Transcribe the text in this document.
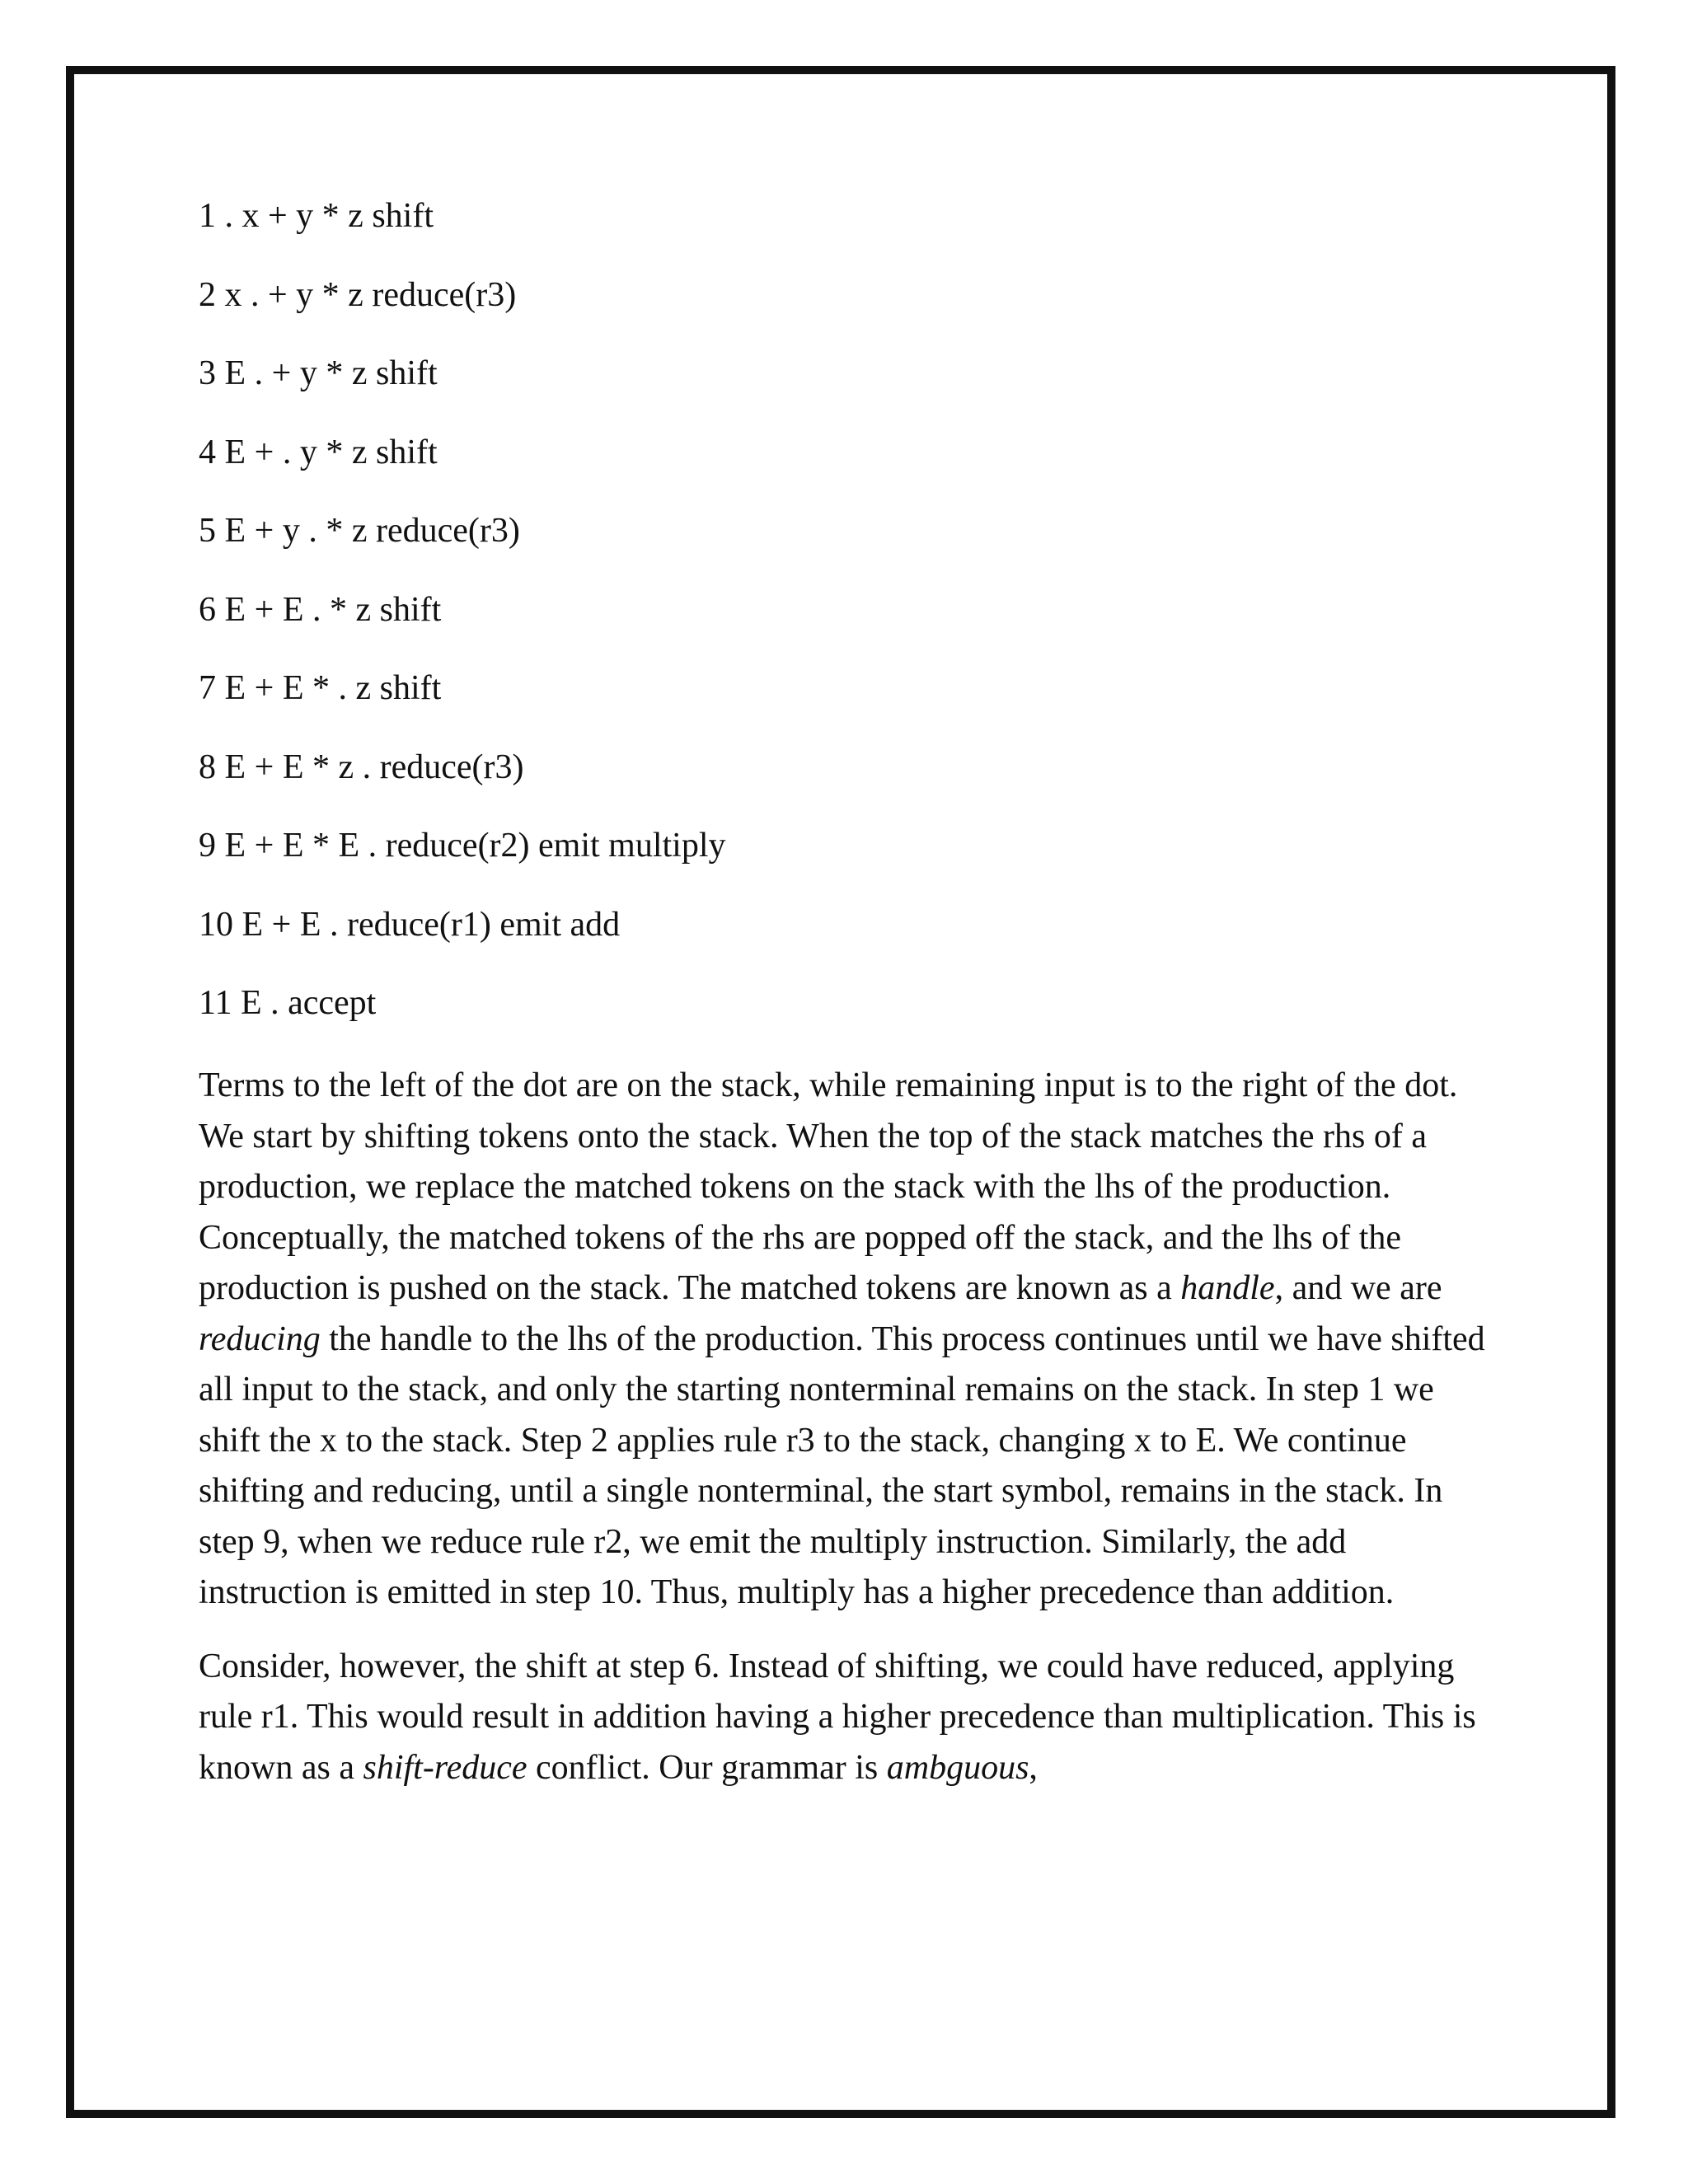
1 . x + y * z shift
2 x . + y * z reduce(r3)
3 E . + y * z shift
4 E + . y * z shift
5 E + y . * z reduce(r3)
6 E + E . * z shift
7 E + E * . z shift
8 E + E * z . reduce(r3)
9 E + E * E . reduce(r2) emit multiply
10 E + E . reduce(r1) emit add
11 E . accept

Terms to the left of the dot are on the stack, while remaining input is to the right of the dot. We start by shifting tokens onto the stack. When the top of the stack matches the rhs of a production, we replace the matched tokens on the stack with the lhs of the production. Conceptually, the matched tokens of the rhs are popped off the stack, and the lhs of the production is pushed on the stack. The matched tokens are known as a handle, and we are reducing the handle to the lhs of the production. This process continues until we have shifted all input to the stack, and only the starting nonterminal remains on the stack. In step 1 we shift the x to the stack. Step 2 applies rule r3 to the stack, changing x to E. We continue shifting and reducing, until a single nonterminal, the start symbol, remains in the stack. In step 9, when we reduce rule r2, we emit the multiply instruction. Similarly, the add instruction is emitted in step 10. Thus, multiply has a higher precedence than addition.

Consider, however, the shift at step 6. Instead of shifting, we could have reduced, applying rule r1. This would result in addition having a higher precedence than multiplication. This is known as a shift-reduce conflict. Our grammar is ambguous,
